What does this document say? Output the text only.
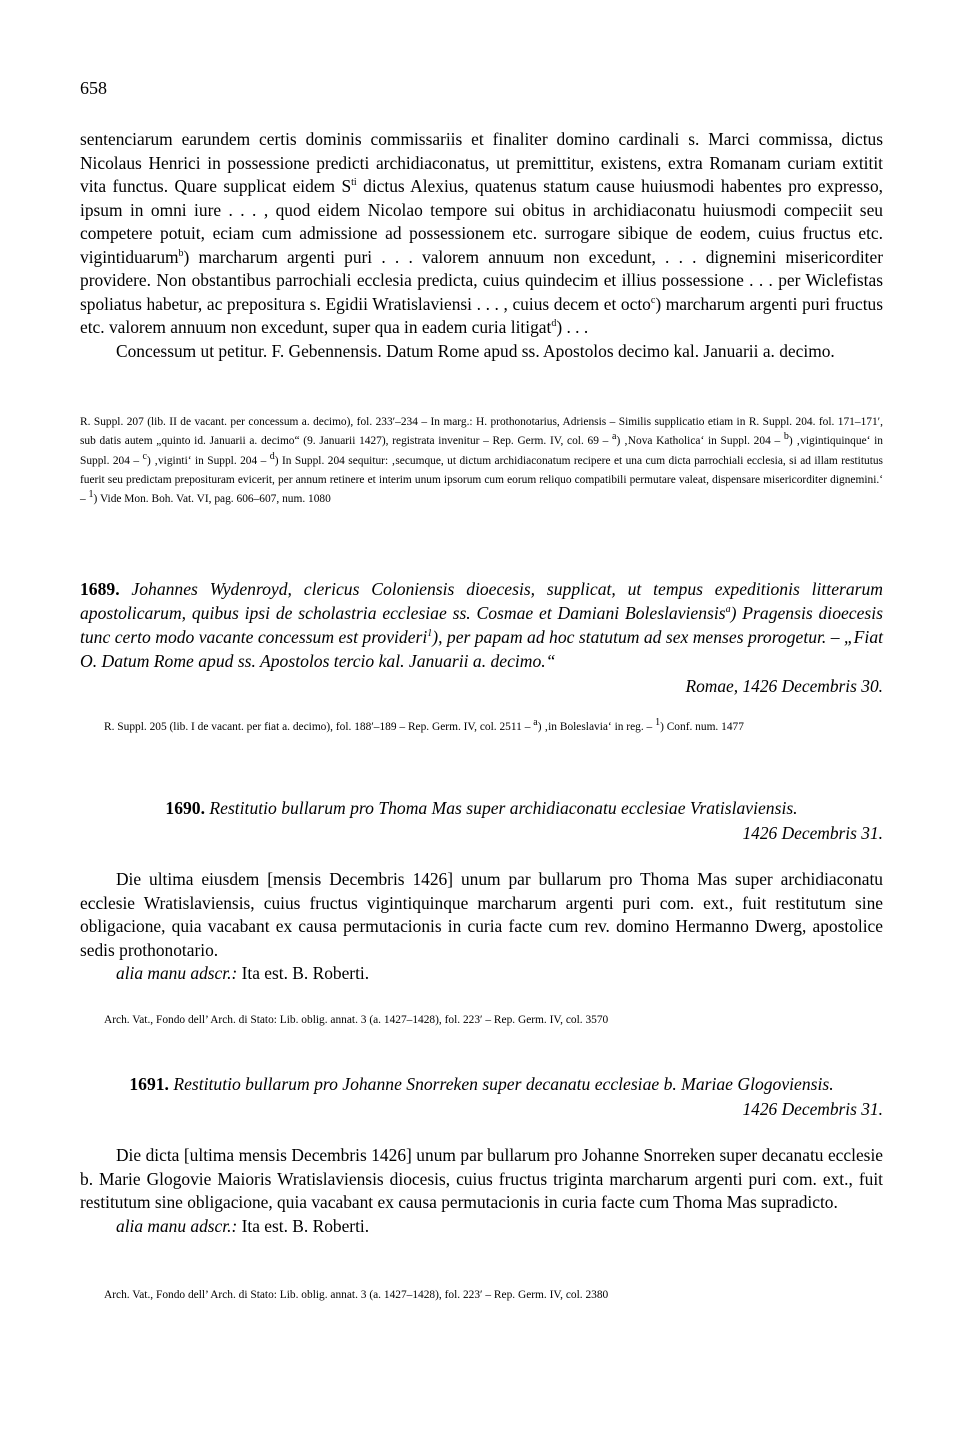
658

sentenciarum earundem certis dominis commissariis et finaliter domino cardinali s. Marci commissa, dictus Nicolaus Henrici in possessione predicti archidiaconatus, ut premittitur, existens, extra Romanam curiam extitit vita functus. Quare supplicat eidem $S^{ti}$ dictus Alexius, quatenus statum cause huiusmodi habentes pro expresso, ipsum in omni iure . . . , quod eidem Nicolao tempore sui obitus in archidiaconatu huiusmodi compeciit seu competere potuit, eciam cum admissione ad possessionem etc. surrogare sibique de eodem, cuius fructus etc. vigintiduarum$^b$) marcharum argenti puri . . . valorem annuum non excedunt, . . . dignemini misericorditer providere. Non obstantibus parrochiali ecclesia predicta, cuius quindecim et illius possessione . . . per Wiclefistas spoliatus habetur, ac prepositura s. Egidii Wratislaviensi . . . , cuius decem et octo$^c$) marcharum argenti puri fructus etc. valorem annuum non excedunt, super qua in eadem curia litigat$^d$) . . .

Concessum ut petitur. F. Gebennensis. Datum Rome apud ss. Apostolos decimo kal. Januarii a. decimo.

R. Suppl. 207 (lib. II de vacant. per concessum a. decimo), fol. 233′–234 – In marg.: H. prothonotarius, Adriensis – Similis supplicatio etiam in R. Suppl. 204. fol. 171–171′, sub datis autem „quinto id. Januarii a. decimo“ (9. Januarii 1427), registrata invenitur – Rep. Germ. IV, col. 69 – $^a$) ‚Nova Katholica‘ in Suppl. 204 – $^b$) ‚vigintiquinque‘ in Suppl. 204 – $^c$) ‚viginti‘ in Suppl. 204 – $^d$) In Suppl. 204 sequitur: ‚secumque, ut dictum archidiaconatum recipere et una cum dicta parrochiali ecclesia, si ad illam restitutus fuerit seu predictam preposituram evicerit, per annum retinere et interim unum ipsorum cum eorum reliquo compatibili permutare valeat, dispensare misericorditer dignemini.‘ – $^1$) Vide Mon. Boh. Vat. VI, pag. 606–607, num. 1080

1689. Johannes Wydenroyd, clericus Coloniensis dioecesis, supplicat, ut tempus expeditionis litterarum apostolicarum, quibus ipsi de scholastria ecclesiae ss. Cosmae et Damiani Boleslaviensis$^a$) Pragensis dioecesis tunc certo modo vacante concessum est provideri$^1$), per papam ad hoc statutum ad sex menses prorogetur. – „Fiat O. Datum Rome apud ss. Apostolos tercio kal. Januarii a. decimo.“
Romae, 1426 Decembris 30.

R. Suppl. 205 (lib. I de vacant. per fiat a. decimo), fol. 188′–189 – Rep. Germ. IV, col. 2511 – $^a$) ‚in Boleslavia‘ in reg. – $^1$) Conf. num. 1477

1690. Restitutio bullarum pro Thoma Mas super archidiaconatu ecclesiae Vratislaviensis.
1426 Decembris 31.

Die ultima eiusdem [mensis Decembris 1426] unum par bullarum pro Thoma Mas super archidiaconatu ecclesie Wratislaviensis, cuius fructus vigintiquinque marcharum argenti puri com. ext., fuit restitutum sine obligacione, quia vacabant ex causa permutacionis in curia facte cum rev. domino Hermanno Dwerg, apostolice sedis prothonotario.

alia manu adscr.: Ita est. B. Roberti.

Arch. Vat., Fondo dell’ Arch. di Stato: Lib. oblig. annat. 3 (a. 1427–1428), fol. 223′ – Rep. Germ. IV, col. 3570
1691. Restitutio bullarum pro Johanne Snorreken super decanatu ecclesiae b. Mariae Glogoviensis.
1426 Decembris 31.

Die dicta [ultima mensis Decembris 1426] unum par bullarum pro Johanne Snorreken super decanatu ecclesie b. Marie Glogovie Maioris Wratislaviensis diocesis, cuius fructus triginta marcharum argenti puri com. ext., fuit restitutum sine obligacione, quia vacabant ex causa permutacionis in curia facte cum Thoma Mas supradicto.

alia manu adscr.: Ita est. B. Roberti.

Arch. Vat., Fondo dell’ Arch. di Stato: Lib. oblig. annat. 3 (a. 1427–1428), fol. 223′ – Rep. Germ. IV, col. 2380
